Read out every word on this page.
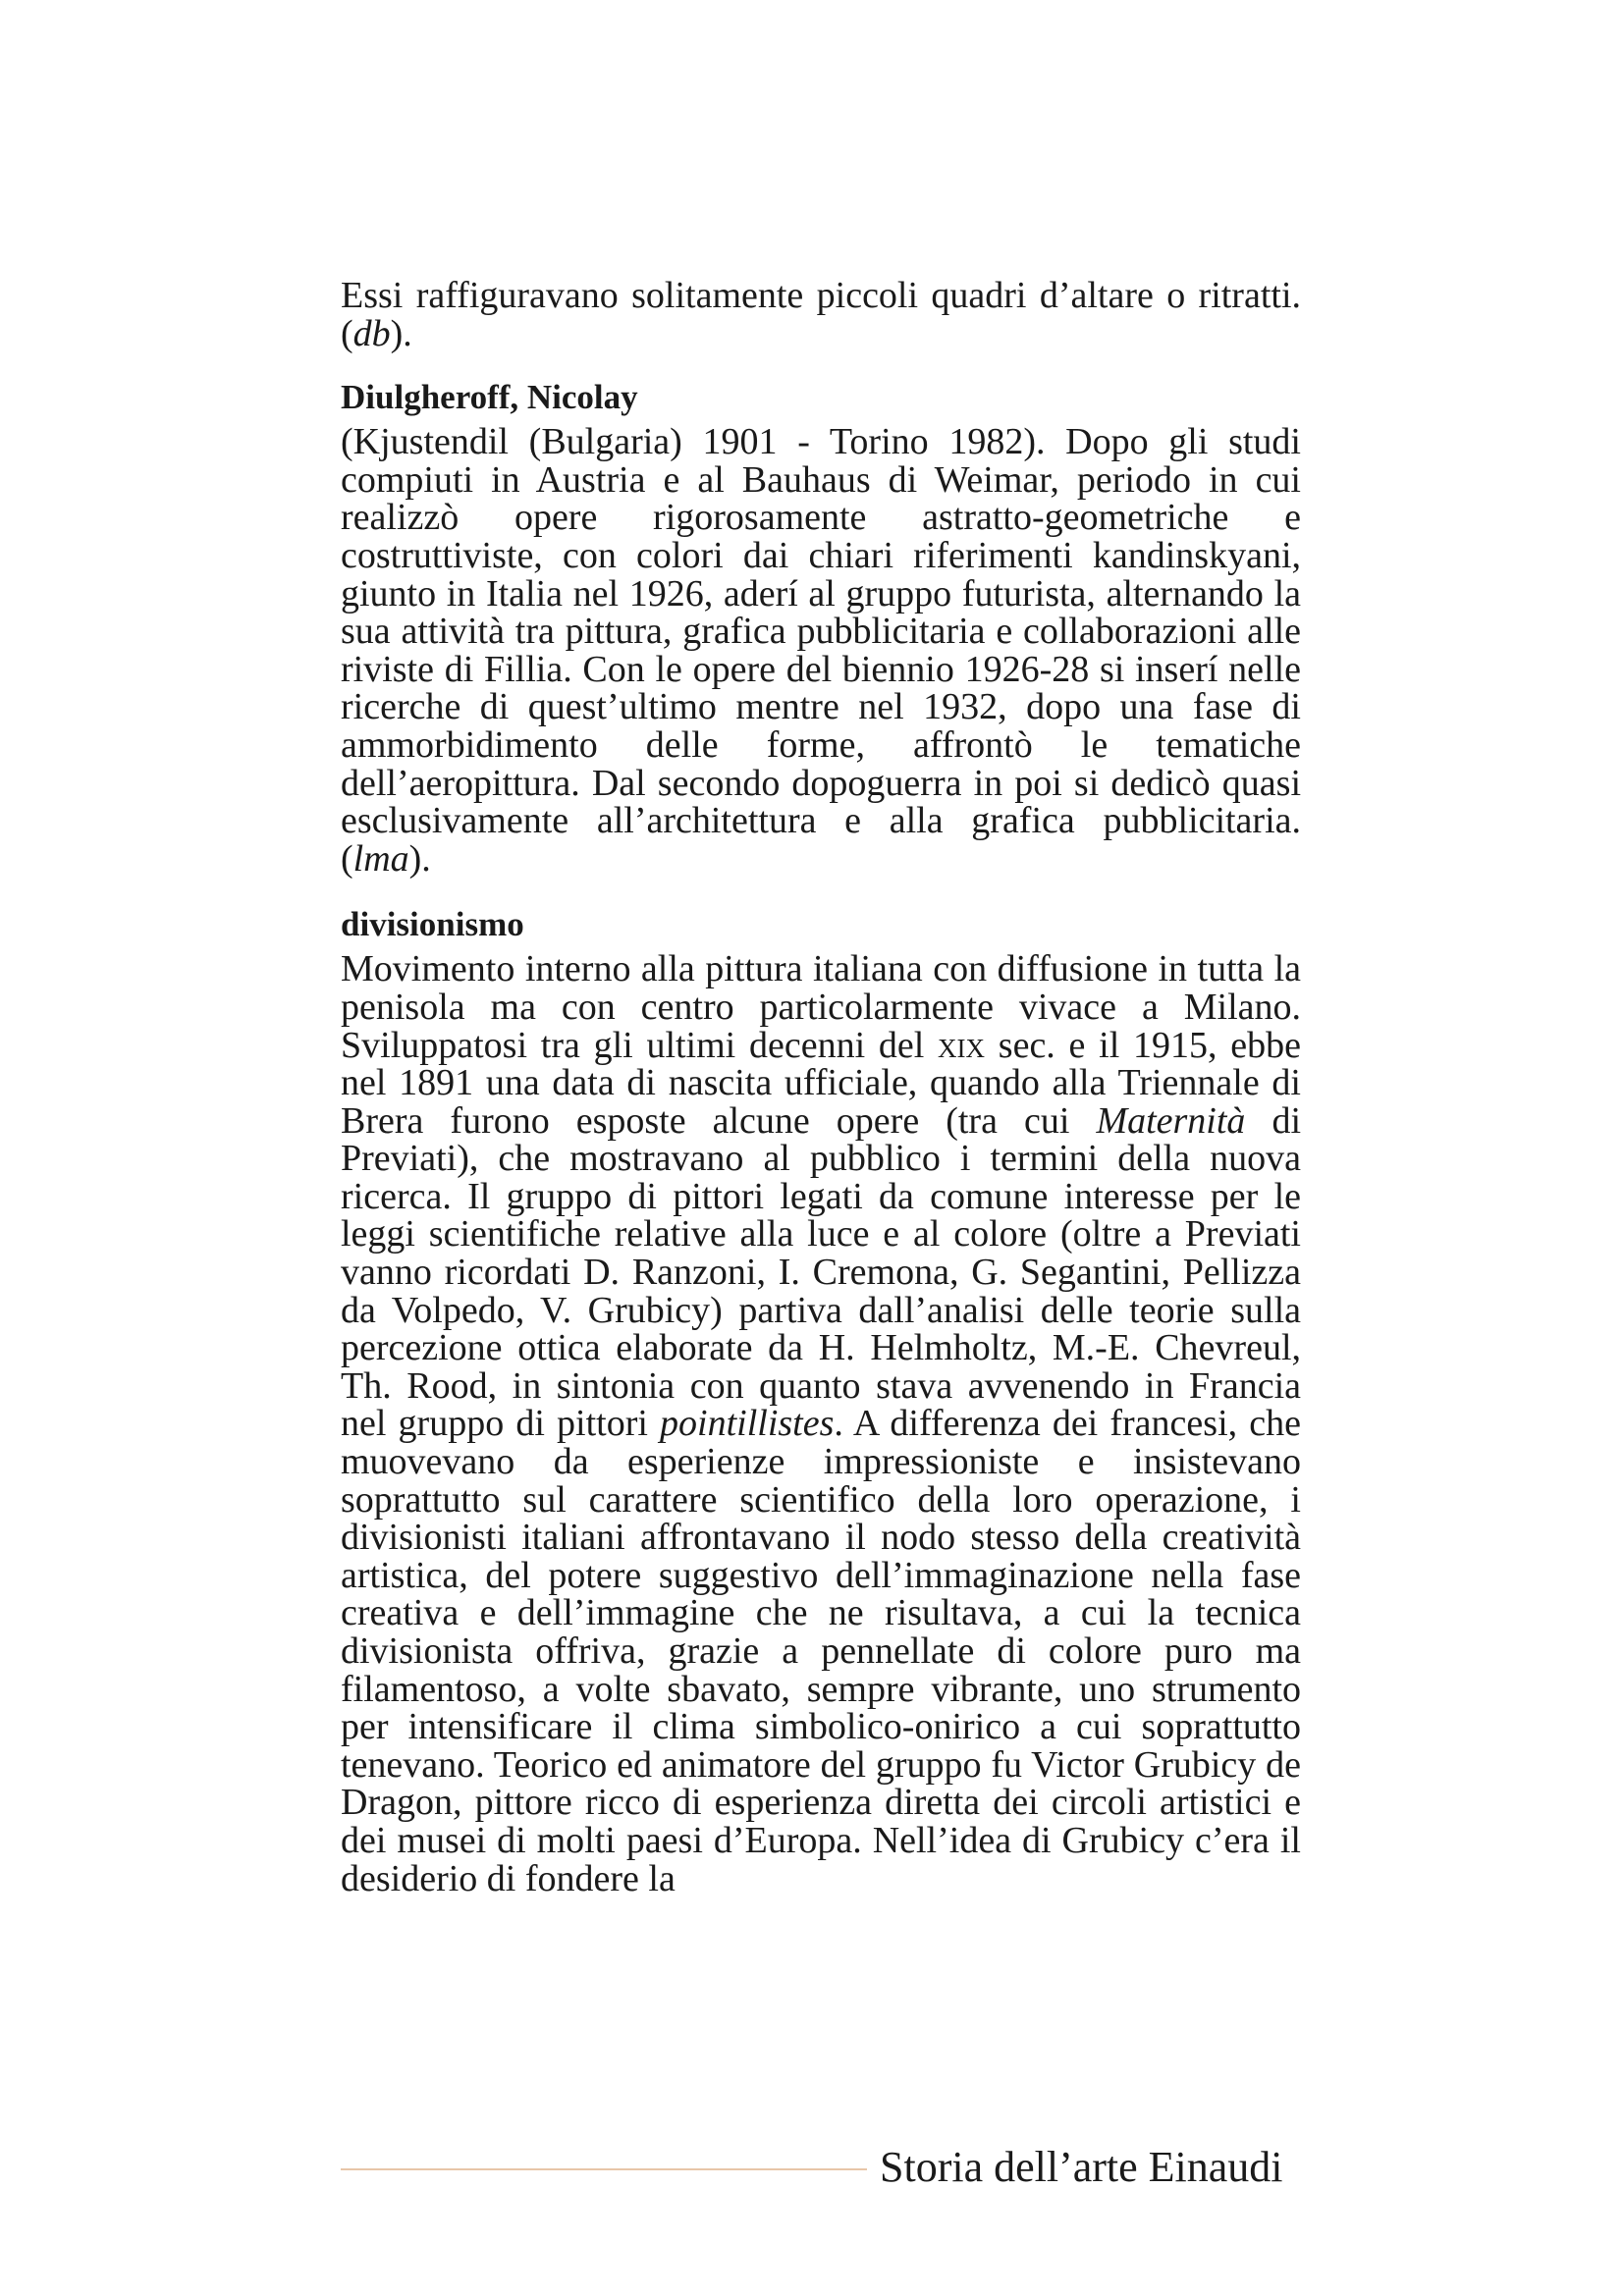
Essi raffiguravano solitamente piccoli quadri d’altare o ritratti. (db).

Diulgheroff, Nicolay

(Kjustendil (Bulgaria) 1901 - Torino 1982). Dopo gli studi compiuti in Austria e al Bauhaus di Weimar, periodo in cui realizzò opere rigorosamente astratto-geometriche e costruttiviste, con colori dai chiari riferimenti kandinskyani, giunto in Italia nel 1926, aderí al gruppo futurista, alternando la sua attività tra pittura, grafica pubblicitaria e collaborazioni alle riviste di Fillia. Con le opere del biennio 1926-28 si inserí nelle ricerche di quest’ultimo mentre nel 1932, dopo una fase di ammorbidimento delle forme, affrontò le tematiche dell’aeropittura. Dal secondo dopoguerra in poi si dedicò quasi esclusivamente all’architettura e alla grafica pubblicitaria. (lma).

divisionismo

Movimento interno alla pittura italiana con diffusione in tutta la penisola ma con centro particolarmente vivace a Milano. Sviluppatosi tra gli ultimi decenni del xix sec. e il 1915, ebbe nel 1891 una data di nascita ufficiale, quando alla Triennale di Brera furono esposte alcune opere (tra cui Maternità di Previati), che mostravano al pubblico i termini della nuova ricerca. Il gruppo di pittori legati da comune interesse per le leggi scientifiche relative alla luce e al colore (oltre a Previati vanno ricordati D. Ranzoni, I. Cremona, G. Segantini, Pellizza da Volpedo, V. Grubicy) partiva dall’analisi delle teorie sulla percezione ottica elaborate da H. Helmholtz, M.-E. Chevreul, Th. Rood, in sintonia con quanto stava avvenendo in Francia nel gruppo di pittori pointillistes. A differenza dei francesi, che muovevano da esperienze impressioniste e insistevano soprattutto sul carattere scientifico della loro operazione, i divisionisti italiani affrontavano il nodo stesso della creatività artistica, del potere suggestivo dell’immaginazione nella fase creativa e dell’immagine che ne risultava, a cui la tecnica divisionista offriva, grazie a pennellate di colore puro ma filamentoso, a volte sbavato, sempre vibrante, uno strumento per intensificare il clima simbolico-onirico a cui soprattutto tenevano. Teorico ed animatore del gruppo fu Victor Grubicy de Dragon, pittore ricco di esperienza diretta dei circoli artistici e dei musei di molti paesi d’Europa. Nell’idea di Grubicy c’era il desiderio di fondere la

Storia dell’arte Einaudi
